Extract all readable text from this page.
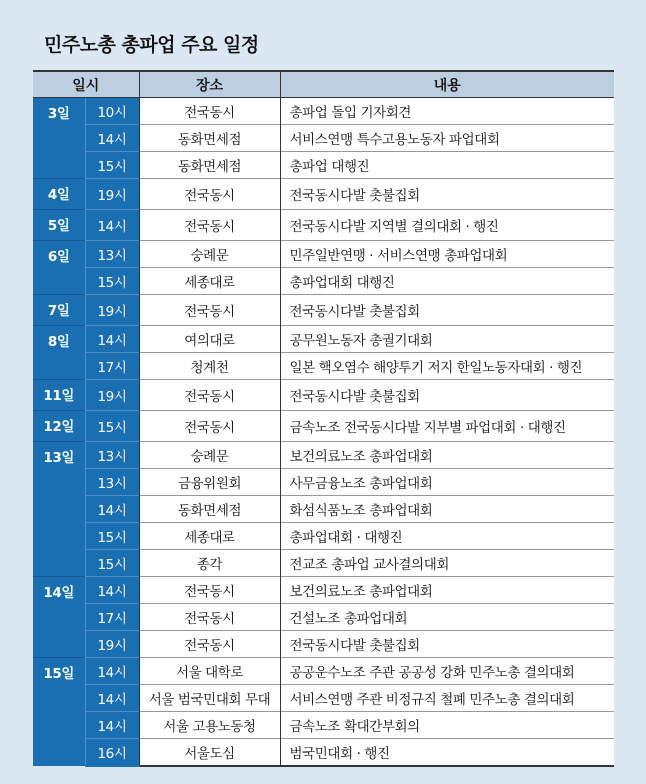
민주노총 총파업 주요 일정
일시		장소	내용
3일	10시	전국동시	총파업 돌입 기자회견
	14시	동화면세점	서비스연맹 특수고용노동자 파업대회
	15시	동화면세점	총파업 대행진
4일	19시	전국동시	전국동시다발 촛불집회
5일	14시	전국동시	전국동시다발 지역별 결의대회 · 행진
6일	13시	숭례문	민주일반연맹 · 서비스연맹 총파업대회
	15시	세종대로	총파업대회 대행진
7일	19시	전국동시	전국동시다발 촛불집회
8일	14시	여의대로	공무원노동자 총궐기대회
	17시	청계천	일본 핵오염수 해양투기 저지 한일노동자대회 · 행진
11일	19시	전국동시	전국동시다발 촛불집회
12일	15시	전국동시	금속노조 전국동시다발 지부별 파업대회 · 대행진
13일	13시	숭례문	보건의료노조 총파업대회
	13시	금융위원회	사무금융노조 총파업대회
	14시	동화면세점	화섬식품노조 총파업대회
	15시	세종대로	총파업대회 · 대행진
	15시	종각	전교조 총파업 교사결의대회
14일	14시	전국동시	보건의료노조 총파업대회
	17시	전국동시	건설노조 총파업대회
	19시	전국동시	전국동시다발 촛불집회
15일	14시	서울 대학로	공공운수노조 주관 공공성 강화 민주노총 결의대회
	14시	서울 범국민대회 무대	서비스연맹 주관 비정규직 철폐 민주노총 결의대회
	14시	서울 고용노동청	금속노조 확대간부회의
	16시	서울도심	범국민대회 · 행진
